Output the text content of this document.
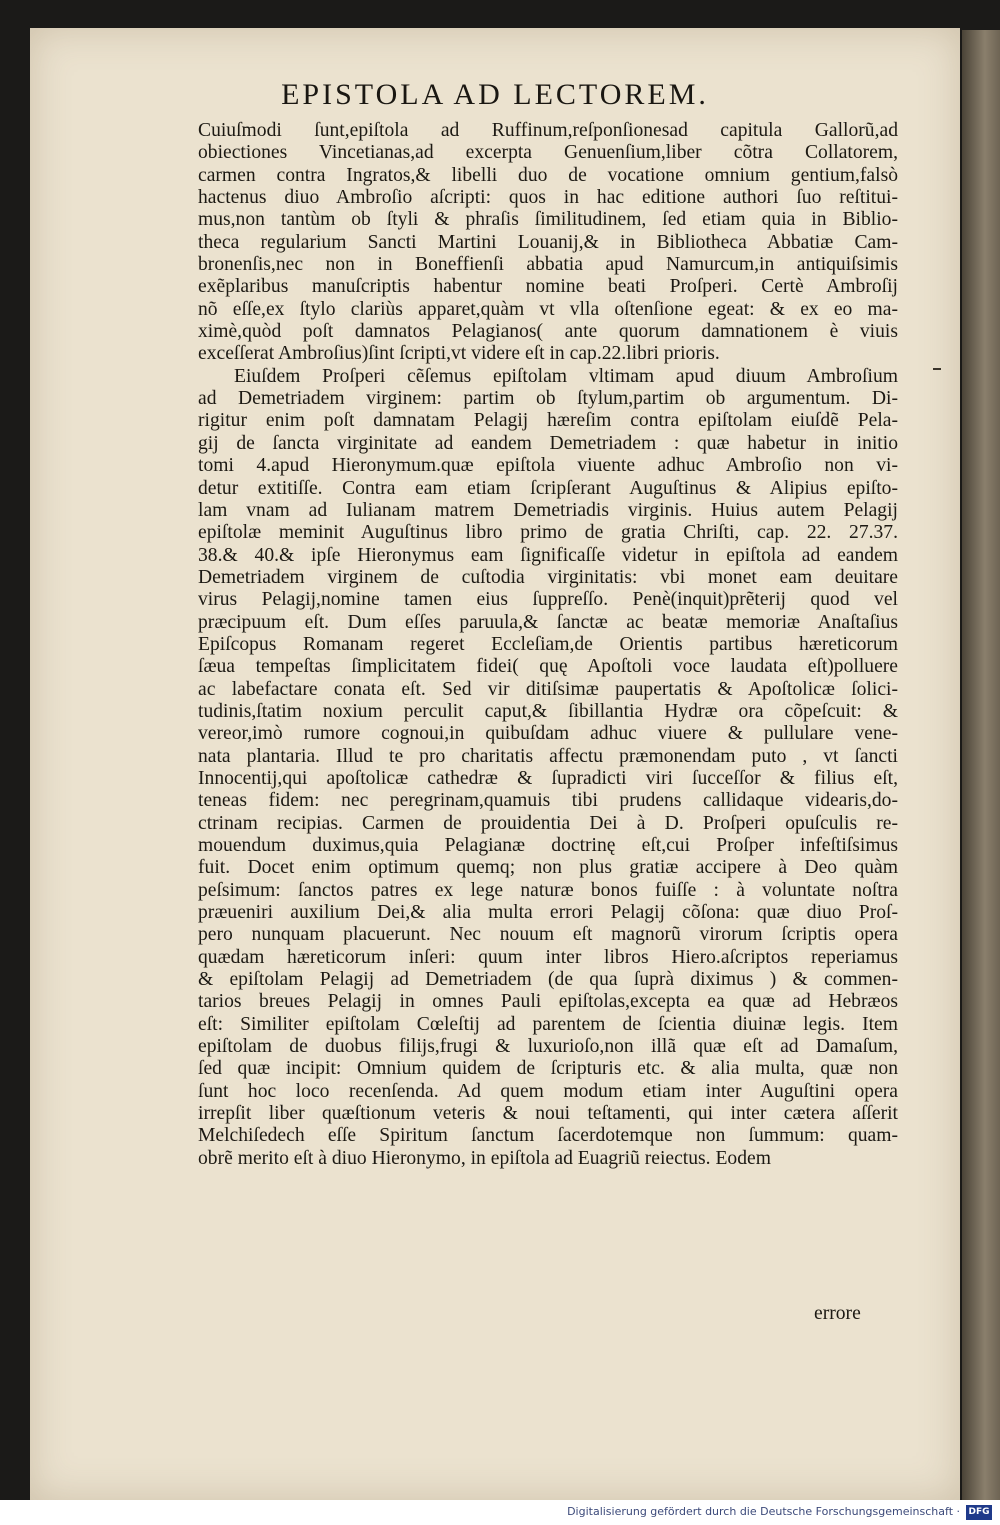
EPISTOLA AD LECTOREM.
Cuiuſmodi ſunt,epiſtola ad Ruffinum,reſponſionesad capitula Gallorũ,ad
obiectiones Vincetianas,ad excerpta Genuenſium,liber cõtra Collatorem,
carmen contra Ingratos,& libelli duo de vocatione omnium gentium,falsò
hactenus diuo Ambroſio aſcripti: quos in hac editione authori ſuo reſtitui-
mus,non tantùm ob ſtyli & phraſis ſimilitudinem, ſed etiam quia in Biblio-
theca regularium Sancti Martini Louanij,& in Bibliotheca Abbatiæ Cam-
bronenſis,nec non in Boneffienſi abbatia apud Namurcum,in antiquiſsimis
exẽplaribus manuſcriptis habentur nomine beati Proſperi. Certè Ambroſij
nõ eſſe,ex ſtylo clariùs apparet,quàm vt vlla oſtenſione egeat: & ex eo ma-
ximè,quòd poſt damnatos Pelagianos( ante quorum damnationem è viuis
exceſſerat Ambroſius)ſint ſcripti,vt videre eſt in cap.22.libri prioris.
Eiuſdem Proſperi cẽſemus epiſtolam vltimam apud diuum Ambroſium
ad Demetriadem virginem: partim ob ſtylum,partim ob argumentum. Di-
rigitur enim poſt damnatam Pelagij hæreſim contra epiſtolam eiuſdẽ Pela-
gij de ſancta virginitate ad eandem Demetriadem : quæ habetur in initio
tomi 4.apud Hieronymum.quæ epiſtola viuente adhuc Ambroſio non vi-
detur extitiſſe. Contra eam etiam ſcripſerant Auguſtinus & Alipius epiſto-
lam vnam ad Iulianam matrem Demetriadis virginis. Huius autem Pelagij
epiſtolæ meminit Auguſtinus libro primo de gratia Chriſti, cap. 22. 27.37.
38.& 40.& ipſe Hieronymus eam ſignificaſſe videtur in epiſtola ad eandem
Demetriadem virginem de cuſtodia virginitatis: vbi monet eam deuitare
virus Pelagij,nomine tamen eius ſuppreſſo. Penè(inquit)prẽterij quod vel
præcipuum eſt. Dum eſſes paruula,& ſanctæ ac beatæ memoriæ Anaſtaſius
Epiſcopus Romanam regeret Eccleſiam,de Orientis partibus hæreticorum
ſæua tempeſtas ſimplicitatem fidei( quę Apoſtoli voce laudata eſt)polluere
ac labefactare conata eſt. Sed vir ditiſsimæ paupertatis & Apoſtolicæ ſolici-
tudinis,ſtatim noxium perculit caput,& ſibillantia Hydræ ora cõpeſcuit: &
vereor,imò rumore cognoui,in quibuſdam adhuc viuere & pullulare vene-
nata plantaria. Illud te pro charitatis affectu præmonendam puto , vt ſancti
Innocentij,qui apoſtolicæ cathedræ & ſupradicti viri ſucceſſor & filius eſt,
teneas fidem: nec peregrinam,quamuis tibi prudens callidaque videaris,do-
ctrinam recipias. Carmen de prouidentia Dei à D. Proſperi opuſculis re-
mouendum duximus,quia Pelagianæ doctrinę eſt,cui Proſper infeſtiſsimus
fuit. Docet enim optimum quemq; non plus gratiæ accipere à Deo quàm
peſsimum: ſanctos patres ex lege naturæ bonos fuiſſe : à voluntate noſtra
præueniri auxilium Dei,& alia multa errori Pelagij cõſona: quæ diuo Proſ-
pero nunquam placuerunt. Nec nouum eſt magnorũ virorum ſcriptis opera
quædam hæreticorum inſeri: quum inter libros Hiero.aſcriptos reperiamus
& epiſtolam Pelagij ad Demetriadem (de qua ſuprà diximus ) & commen-
tarios breues Pelagij in omnes Pauli epiſtolas,excepta ea quæ ad Hebræos
eſt: Similiter epiſtolam Cœleſtij ad parentem de ſcientia diuinæ legis. Item
epiſtolam de duobus filijs,frugi & luxurioſo,non illã quæ eſt ad Damaſum,
ſed quæ incipit: Omnium quidem de ſcripturis etc. & alia multa, quæ non
ſunt hoc loco recenſenda. Ad quem modum etiam inter Auguſtini opera
irrepſit liber quæſtionum veteris & noui teſtamenti, qui inter cætera aſſerit
Melchiſedech eſſe Spiritum ſanctum ſacerdotemque non ſummum: quam-
obrẽ merito eſt à diuo Hieronymo, in epiſtola ad Euagriũ reiectus. Eodem
errore
Digitalisierung gefördert durch die Deutsche Forschungsgemeinschaft · DFG
